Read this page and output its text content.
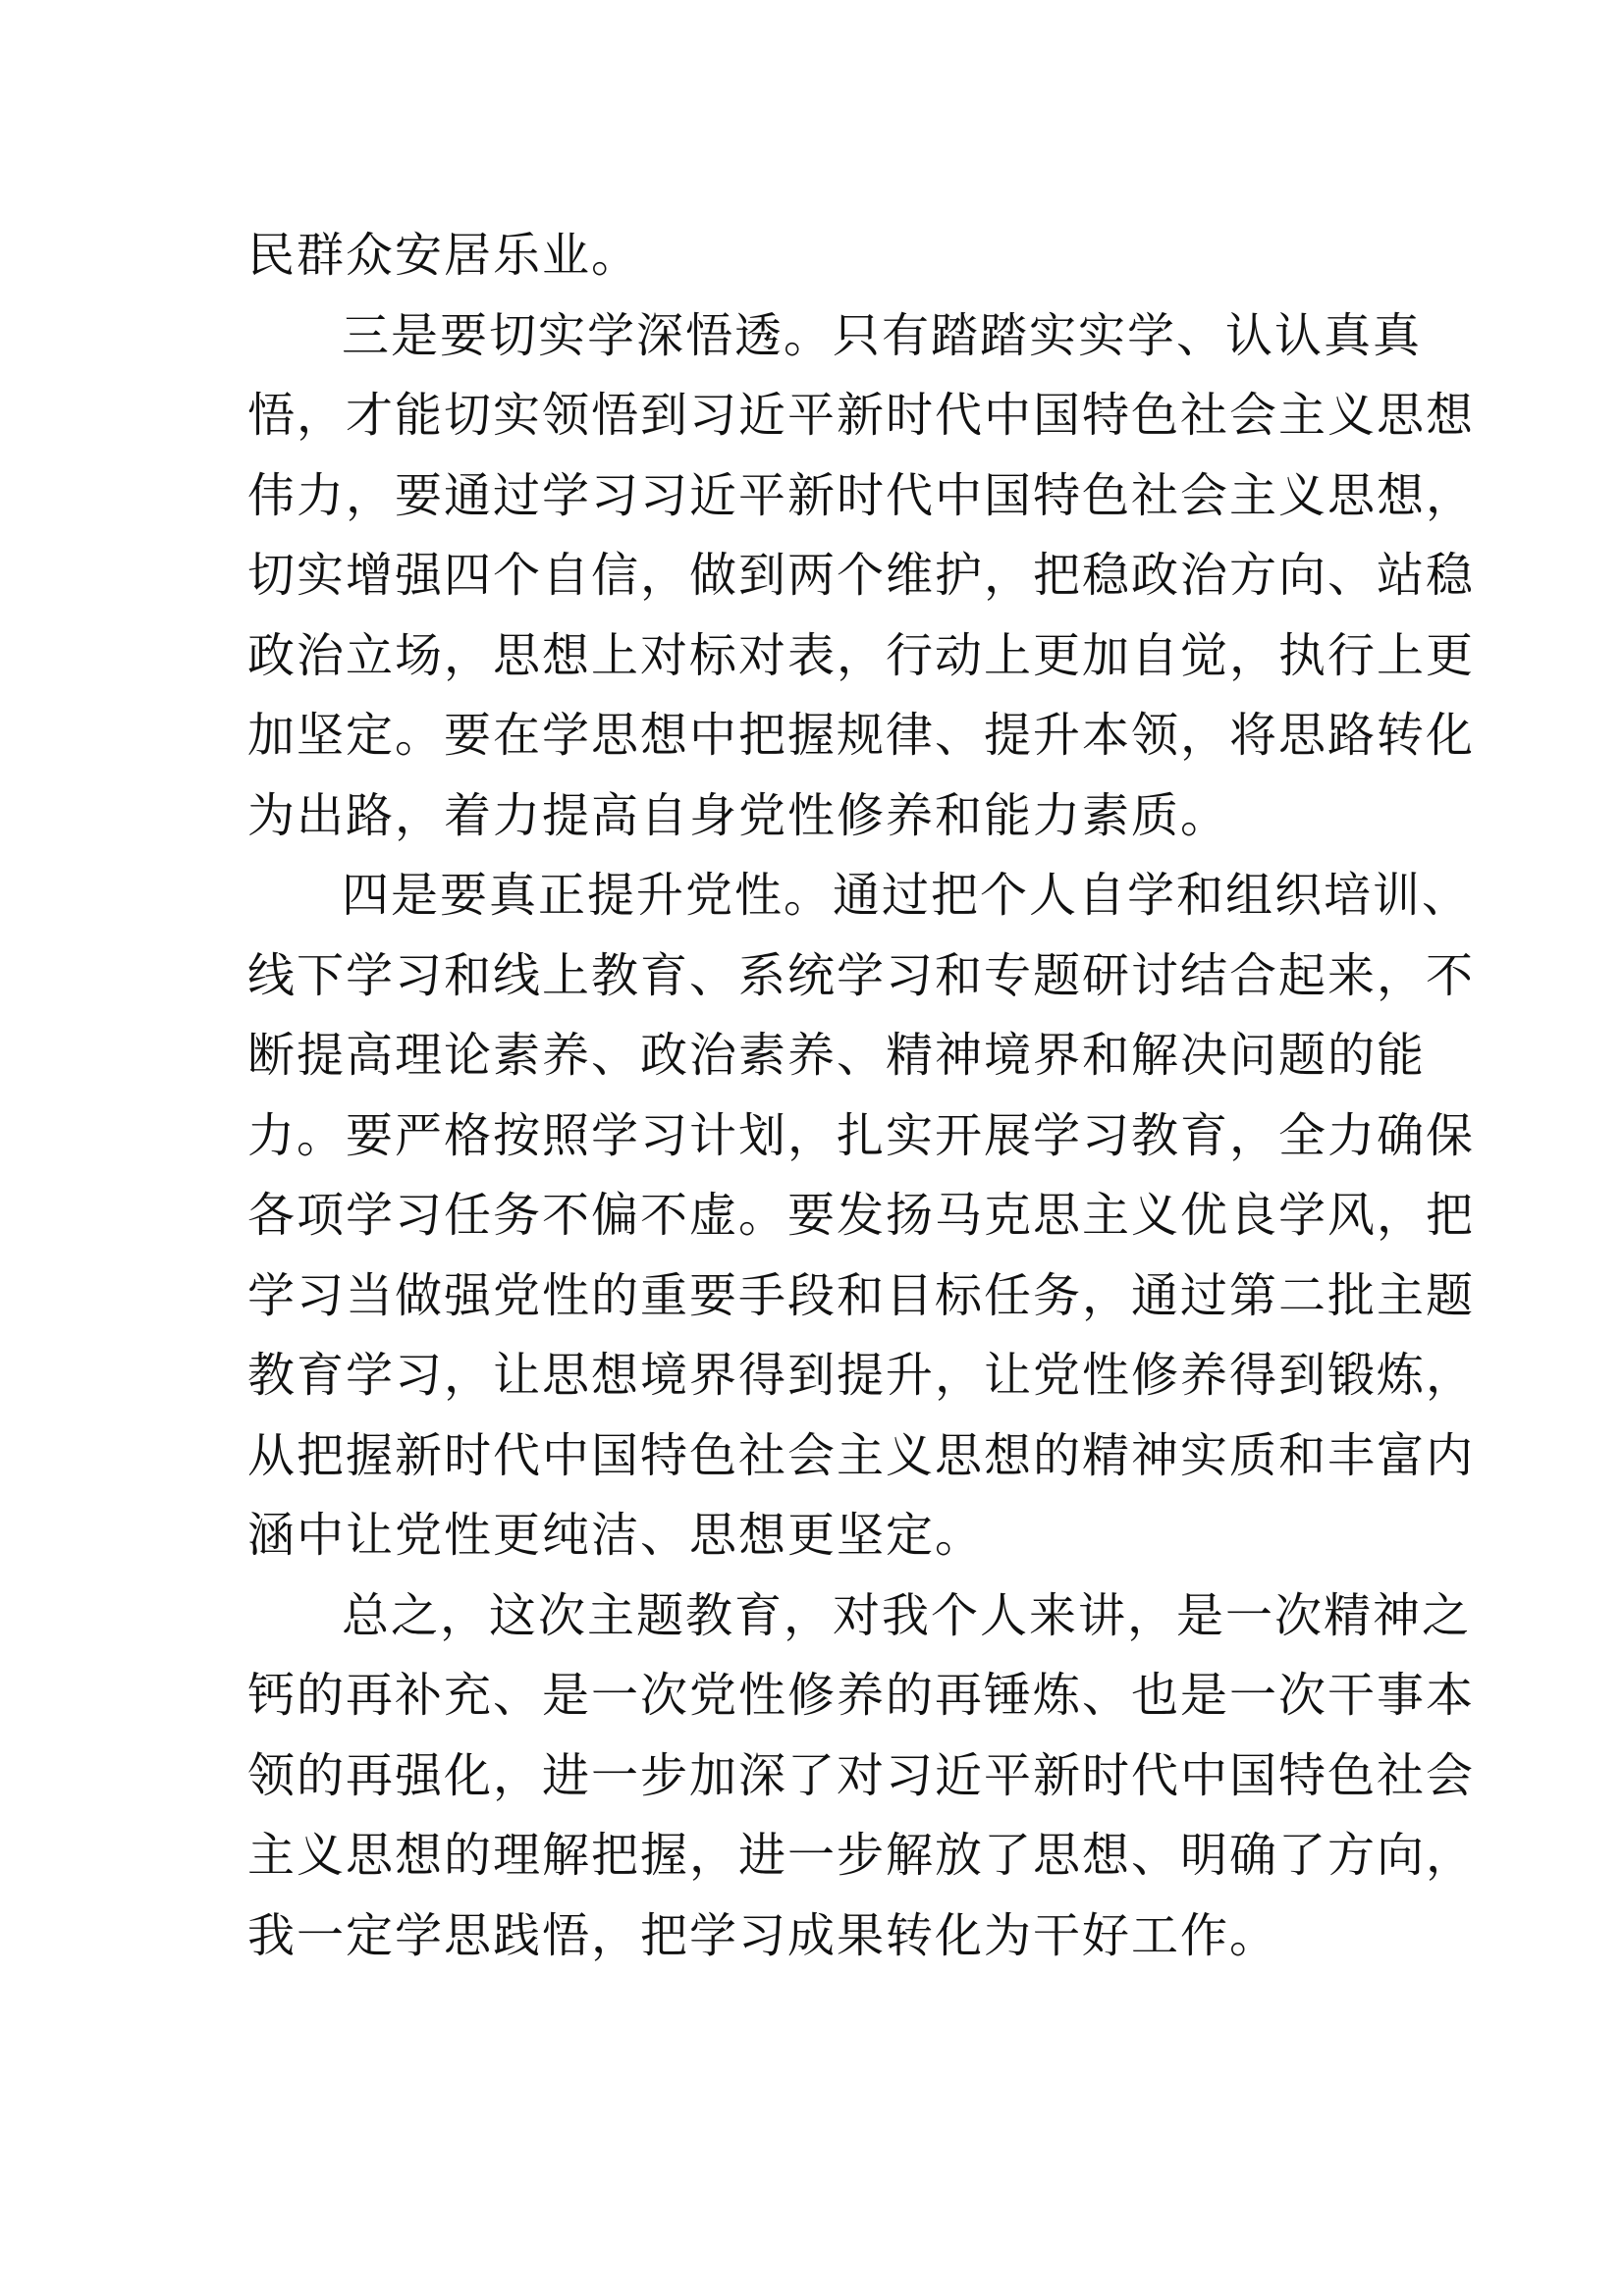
民群众安居乐业。
三是要切实学深悟透。只有踏踏实实学、认认真真
悟，才能切实领悟到习近平新时代中国特色社会主义思想
伟力，要通过学习习近平新时代中国特色社会主义思想，
切实增强四个自信，做到两个维护，把稳政治方向、站稳
政治立场，思想上对标对表，行动上更加自觉，执行上更
加坚定。要在学思想中把握规律、提升本领，将思路转化
为出路，着力提高自身党性修养和能力素质。
四是要真正提升党性。通过把个人自学和组织培训、
线下学习和线上教育、系统学习和专题研讨结合起来，不
断提高理论素养、政治素养、精神境界和解决问题的能
力。要严格按照学习计划，扎实开展学习教育，全力确保
各项学习任务不偏不虚。要发扬马克思主义优良学风，把
学习当做强党性的重要手段和目标任务，通过第二批主题
教育学习，让思想境界得到提升，让党性修养得到锻炼，
从把握新时代中国特色社会主义思想的精神实质和丰富内
涵中让党性更纯洁、思想更坚定。
总之，这次主题教育，对我个人来讲，是一次精神之
钙的再补充、是一次党性修养的再锤炼、也是一次干事本
领的再强化，进一步加深了对习近平新时代中国特色社会
主义思想的理解把握，进一步解放了思想、明确了方向，
我一定学思践悟，把学习成果转化为干好工作。
